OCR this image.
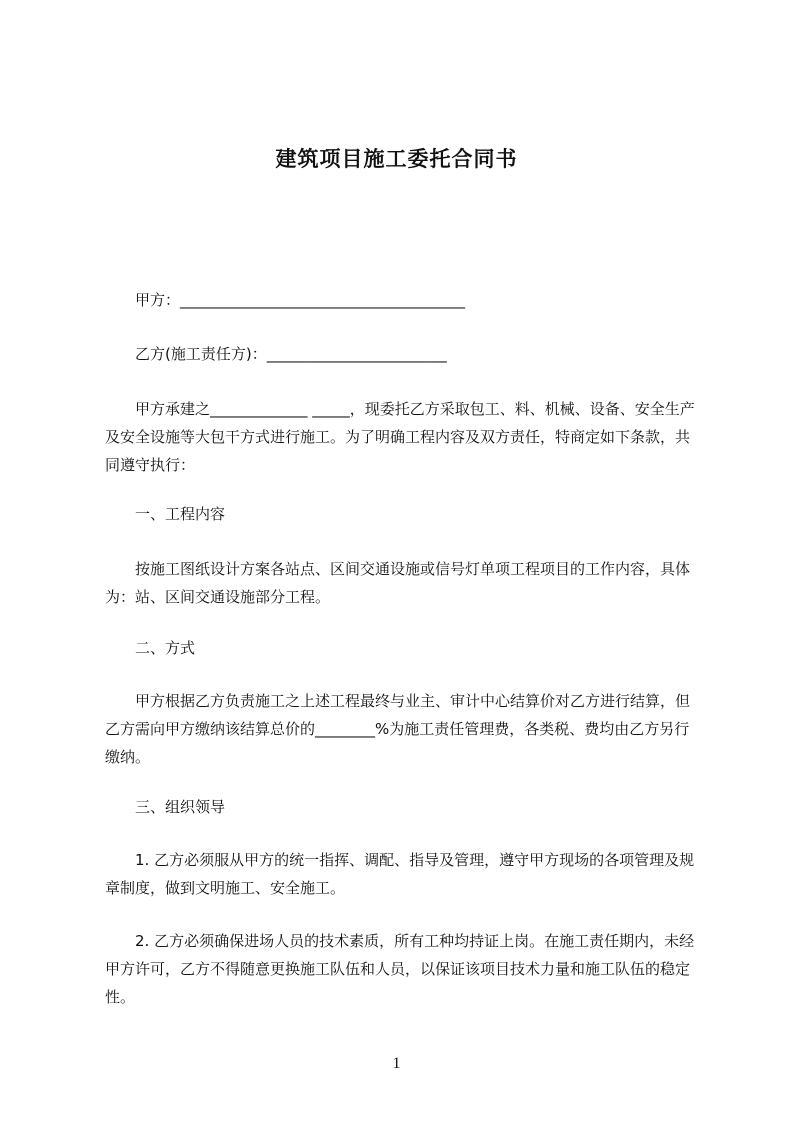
建筑项目施工委托合同书
甲方：______________________________________
乙方(施工责任方)：________________________
甲方承建之_____________ _____，现委托乙方采取包工、料、机械、设备、安全生产及安全设施等大包干方式进行施工。为了明确工程内容及双方责任，特商定如下条款，共同遵守执行：
一、工程内容
按施工图纸设计方案各站点、区间交通设施或信号灯单项工程项目的工作内容，具体为：站、区间交通设施部分工程。
二、方式
甲方根据乙方负责施工之上述工程最终与业主、审计中心结算价对乙方进行结算，但乙方需向甲方缴纳该结算总价的________%为施工责任管理费，各类税、费均由乙方另行缴纳。
三、组织领导
1. 乙方必须服从甲方的统一指挥、调配、指导及管理，遵守甲方现场的各项管理及规章制度，做到文明施工、安全施工。
2. 乙方必须确保进场人员的技术素质，所有工种均持证上岗。在施工责任期内，未经甲方许可，乙方不得随意更换施工队伍和人员，以保证该项目技术力量和施工队伍的稳定性。
1
